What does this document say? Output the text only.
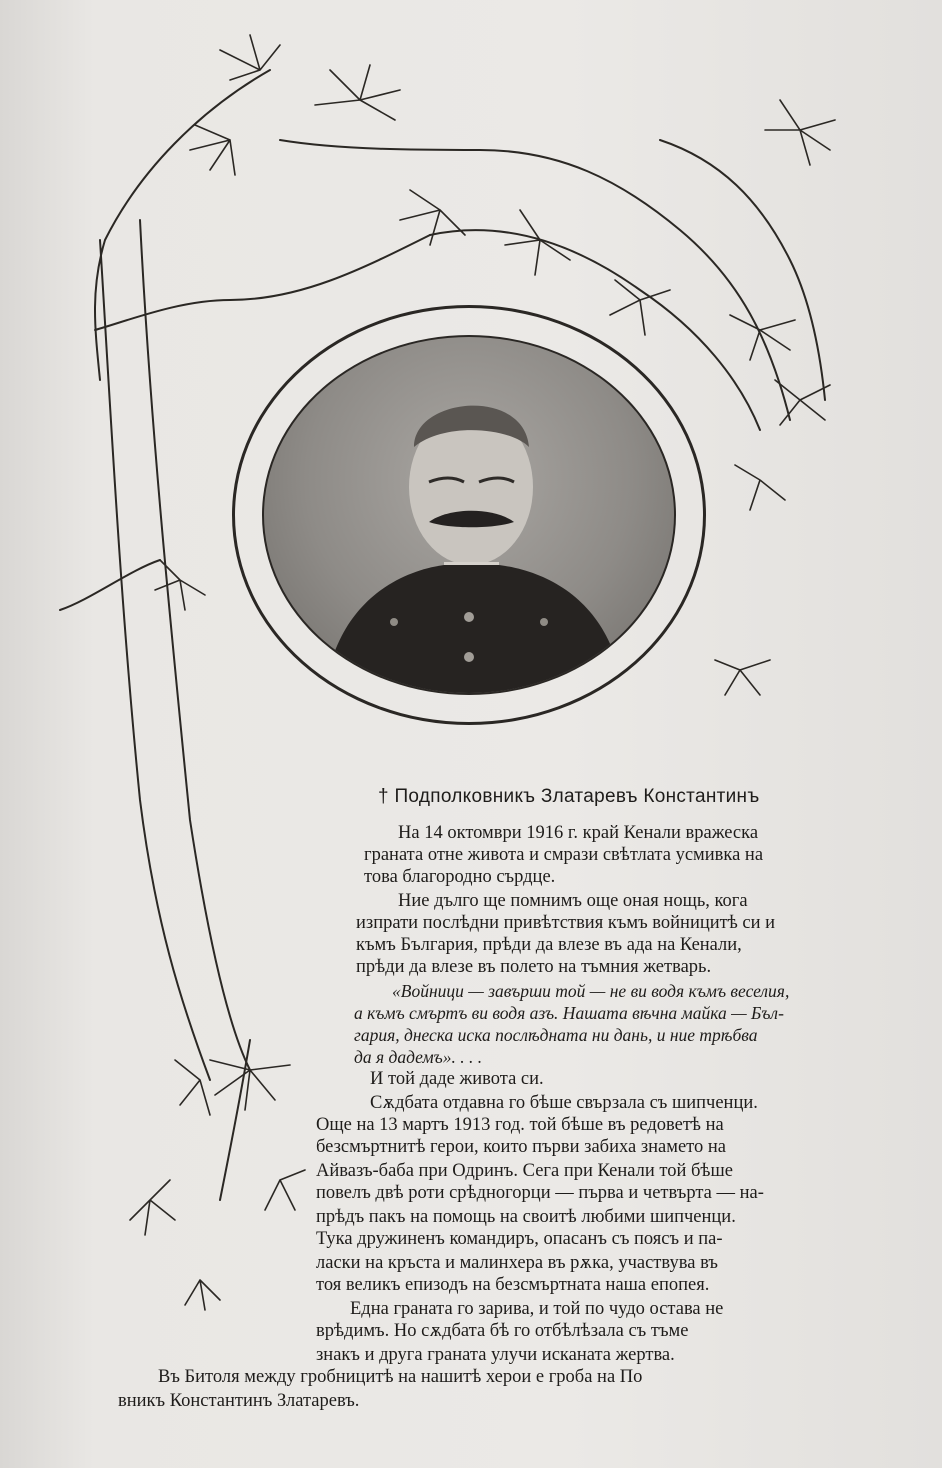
† Подполковникъ Златаревъ Константинъ
На 14 октомври 1916 г. край Кенали вражеска
граната отне живота и смрази свѣтлата усмивка на
това благородно сърдце.
Ние дълго ще помнимъ още оная нощь, кога
изпрати послѣдни привѣтствия къмъ войницитѣ си и
къмъ България, прѣди да влезе въ ада на Кенали,
прѣди да влезе въ полето на тъмния жетварь.
«Войници — завърши той — не ви водя къмъ веселия,
а къмъ смъртъ ви водя азъ. Нашата вѣчна майка — Бъл-
гария, днеска иска послѣдната ни дань, и ние трѣбва
да я дадемъ». . . .
И той даде живота си.
Сѫдбата отдавна го бѣше свързала съ шипченци.
Още на 13 мартъ 1913 год. той бѣше въ редоветѣ на
безсмъртнитѣ герои, които първи забиха знамето на
Айвазъ-баба при Одринъ. Сега при Кенали той бѣше
повелъ двѣ роти срѣдногорци — първа и четвърта — на-
прѣдъ пакъ на помощь на своитѣ любими шипченци.
Тука дружиненъ командиръ, опасанъ съ поясъ и па-
ласки на кръста и малинхера въ рѫка, участвува въ
тоя великъ епизодъ на безсмъртната наша епопея.
Една граната го зарива, и той по чудо остава не
врѣдимъ. Но сѫдбата бѣ го отбѣлѣзала съ тъме
знакъ и друга граната улучи исканата жертва.
Въ Битоля между гробницитѣ на нашитѣ херои е гроба на По
вникъ Константинъ Златаревъ.
